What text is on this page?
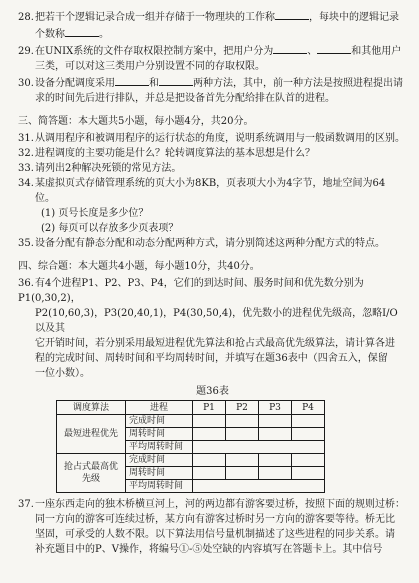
28.把若干个逻辑记录合成一组并存储于一物理块的工作称	，每块中的逻辑记录

个数称	。

29.在UNIX系统的文件存取权限控制方案中，把用户分为	、	和其他用户

三类，可以对这三类用户分别设置不同的存取权限。

30.设备分配调度采用	和	两种方法，其中，前一种方法是按照进程提出请

求的时间先后进行排队，并总是把设备首先分配给排在队首的进程。

三、简答题：本大题共5小题，每小题4分，共20分。

31.从调用程序和被调用程序的运行状态的角度，说明系统调用与一般函数调用的区别。

32.进程调度的主要功能是什么？轮转调度算法的基本思想是什么？

33.请列出2种解决死锁的常见方法。

34.某虚拟页式存储管理系统的页大小为8KB，页表项大小为4字节，地址空间为64

位。

(1) 页号长度是多少位？

(2) 每页可以存放多少页表项？

35.设备分配有静态分配和动态分配两种方式，请分别简述这两种分配方式的特点。

四、综合题：本大题共4小题，每小题10分，共40分。

36.有4个进程P1、P2、P3、P4，它们的到达时间、服务时间和优先数分别为P1(0,30,2)，

P2(10,60,3)，P3(20,40,1)，P4(30,50,4)，优先数小的进程优先级高，忽略I/O以及其

它开销时间，若分别采用最短进程优先算法和抢占式最高优先级算法，请计算各进

程的完成时间、周转时间和平均周转时间，并填写在题36表中（四舍五入，保留

一位小数）。

题36表

调度算法	进程	P1	P2	P3	P4
最短进程优先	完成时间				
	周转时间				
	平均周转时间				
抢占式最高优先级	完成时间				
	周转时间				
	平均周转时间				

37.一座东西走向的独木桥横亘河上，河的两边都有游客要过桥，按照下面的规则过桥：

同一方向的游客可连续过桥，某方向有游客过桥时另一方向的游客要等待。桥无比

坚固，可承受的人数不限。以下算法用信号量机制描述了这些进程的同步关系。请

补充题目中的P、V操作，将编号①-⑤处空缺的内容填写在答题卡上。其中信号
